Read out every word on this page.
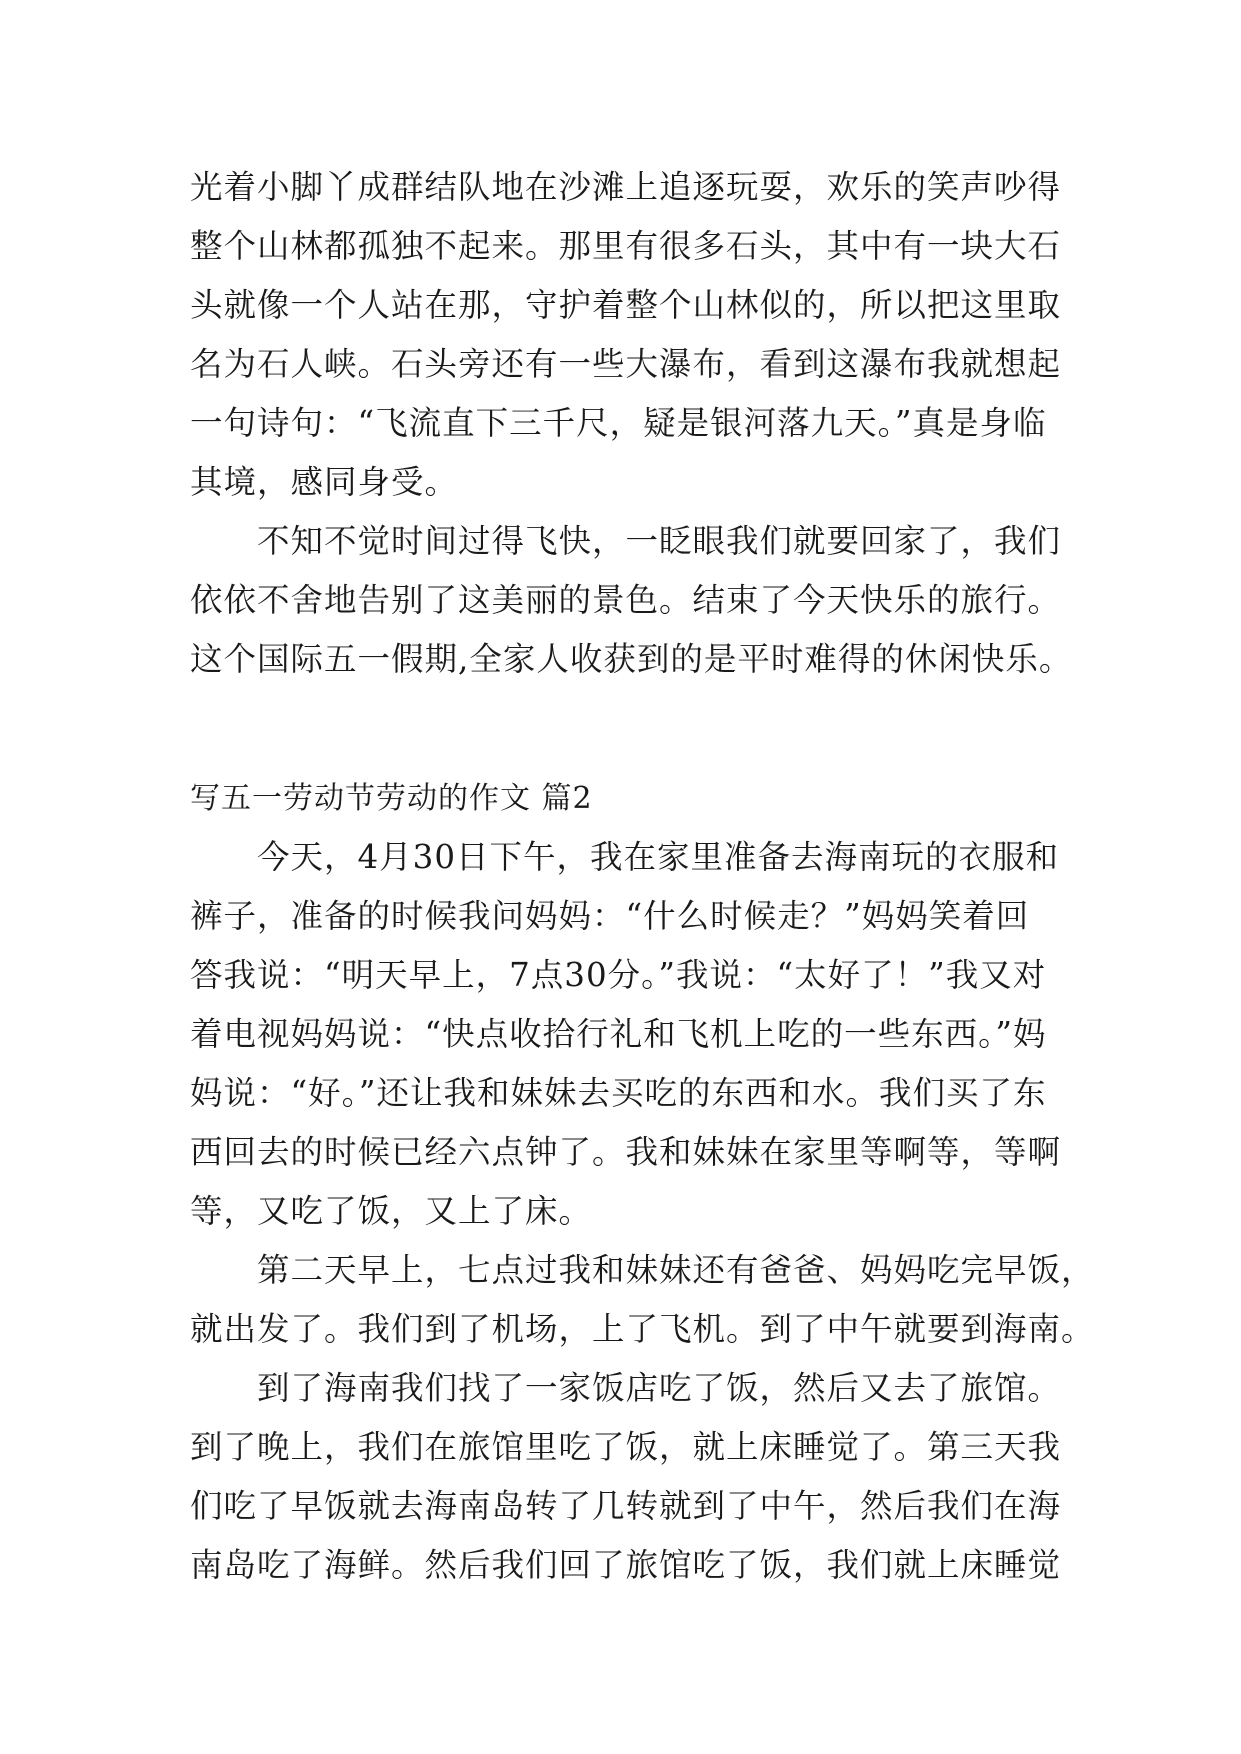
光着小脚丫成群结队地在沙滩上追逐玩耍，欢乐的笑声吵得
整个山林都孤独不起来。那里有很多石头，其中有一块大石
头就像一个人站在那，守护着整个山林似的，所以把这里取
名为石人峡。石头旁还有一些大瀑布，看到这瀑布我就想起
一句诗句：“飞流直下三千尺，疑是银河落九天。”真是身临
其境，感同身受。
　　不知不觉时间过得飞快，一眨眼我们就要回家了，我们
依依不舍地告别了这美丽的景色。结束了今天快乐的旅行。
这个国际五一假期,全家人收获到的是平时难得的休闲快乐。
写五一劳动节劳动的作文 篇2
　　今天，4月30日下午，我在家里准备去海南玩的衣服和
裤子，准备的时候我问妈妈：“什么时候走？”妈妈笑着回
答我说：“明天早上，7点30分。”我说：“太好了！”我又对
着电视妈妈说：“快点收拾行礼和飞机上吃的一些东西。”妈
妈说：“好。”还让我和妹妹去买吃的东西和水。我们买了东
西回去的时候已经六点钟了。我和妹妹在家里等啊等，等啊
等，又吃了饭，又上了床。
　　第二天早上，七点过我和妹妹还有爸爸、妈妈吃完早饭，
就出发了。我们到了机场，上了飞机。到了中午就要到海南。
　　到了海南我们找了一家饭店吃了饭，然后又去了旅馆。
到了晚上，我们在旅馆里吃了饭，就上床睡觉了。第三天我
们吃了早饭就去海南岛转了几转就到了中午，然后我们在海
南岛吃了海鲜。然后我们回了旅馆吃了饭，我们就上床睡觉
